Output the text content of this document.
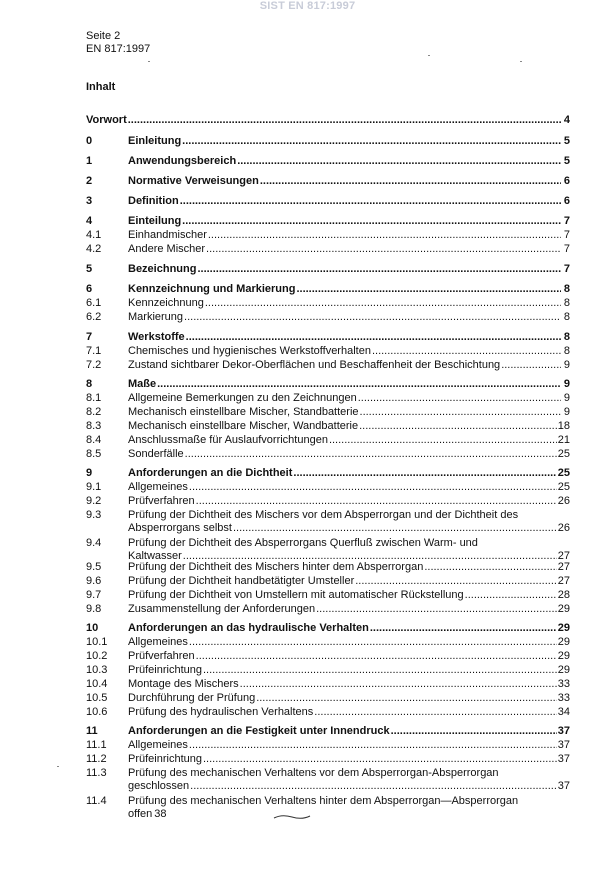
SIST EN 817:1997
Seite 2
EN 817:1997
Inhalt
Vorwort .....	4
0	Einleitung .....	5
1	Anwendungsbereich .....	5
2	Normative Verweisungen .....	6
3	Definition .....	6
4	Einteilung .....	7
4.1 Einhandmischer .....	7
4.2 Andere Mischer .....	7
5	Bezeichnung .....	7
6	Kennzeichnung und Markierung .....	8
6.1 Kennzeichnung .....	8
6.2 Markierung .....	8
7	Werkstoffe .....	8
7.1 Chemisches und hygienisches Werkstoffverhalten .....	8
7.2 Zustand sichtbarer Dekor-Oberflächen und Beschaffenheit der Beschichtung .....	9
8	Maße .....	9
8.1 Allgemeine Bemerkungen zu den Zeichnungen .....	9
8.2 Mechanisch einstellbare Mischer, Standbatterie .....	9
8.3 Mechanisch einstellbare Mischer, Wandbatterie .....	18
8.4 Anschlussmaße für Auslaufvorrichtungen .....	21
8.5 Sonderfälle .....	25
9	Anforderungen an die Dichtheit .....	25
9.1 Allgemeines .....	25
9.2 Prüfverfahren .....	26
9.3 Prüfung der Dichtheit des Mischers vor dem Absperrorgan und der Dichtheit des
Absperrorgans selbst .....	26
9.4 Prüfung der Dichtheit des Absperrorgans Querfluß zwischen Warm- und
Kaltwasser .....	27
9.5 Prüfung der Dichtheit des Mischers hinter dem Absperrorgan .....	27
9.6 Prüfung der Dichtheit handbetätigter Umsteller .....	27
9.7 Prüfung der Dichtheit von Umstellern mit automatischer Rückstellung .....	28
9.8 Zusammenstellung der Anforderungen .....	29
10	Anforderungen an das hydraulische Verhalten .....	29
10.1 Allgemeines .....	29
10.2 Prüfverfahren .....	29
10.3 Prüfeinrichtung .....	29
10.4 Montage des Mischers .....	33
10.5 Durchführung der Prüfung .....	33
10.6 Prüfung des hydraulischen Verhaltens .....	34
11	Anforderungen an die Festigkeit unter Innendruck .....	37
11.1 Allgemeines .....	37
11.2 Prüfeinrichtung .....	37
11.3 Prüfung des mechanischen Verhaltens vor dem Absperrorgan-Absperrorgan
geschlossen .....	37
11.4 Prüfung des mechanischen Verhaltens hinter dem Absperrorgan—Absperrorgan
offen 38
